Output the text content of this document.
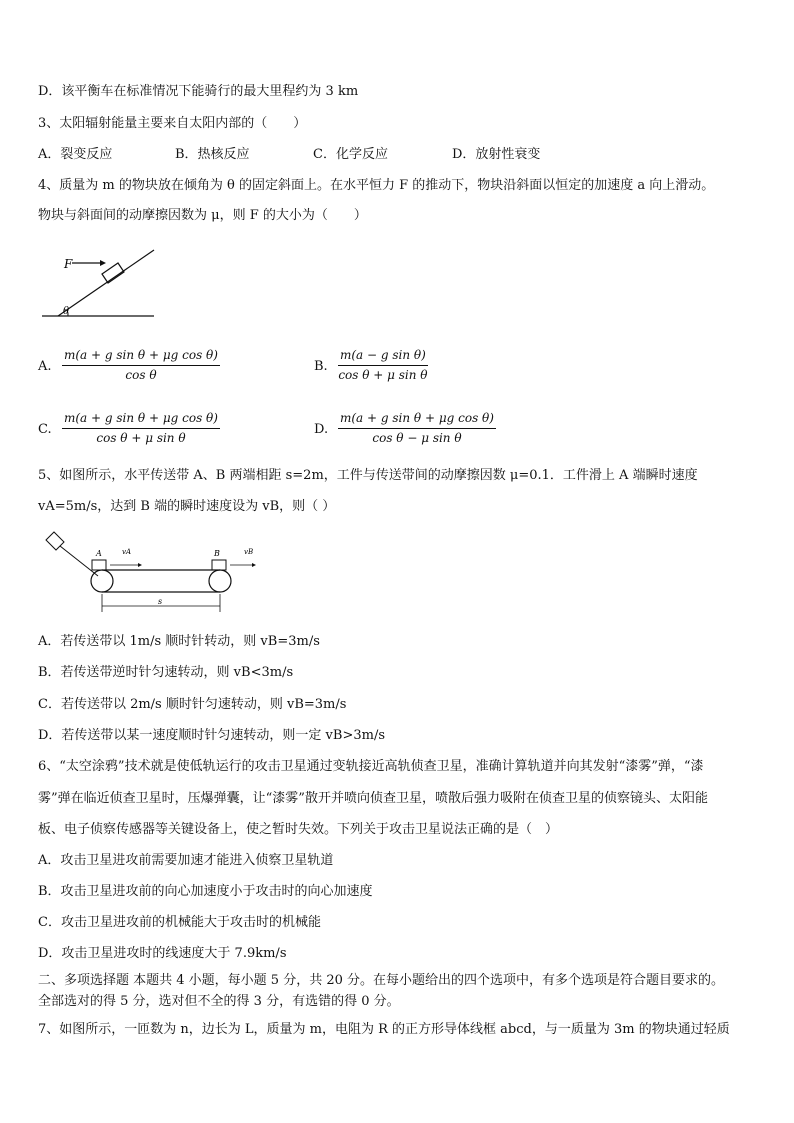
D．该平衡车在标准情况下能骑行的最大里程约为 3 km
3、太阳辐射能量主要来自太阳内部的（　　）
A．裂变反应	B．热核反应	C．化学反应	D．放射性衰变
4、质量为 m 的物块放在倾角为 θ 的固定斜面上。在水平恒力 F 的推动下，物块沿斜面以恒定的加速度 a 向上滑动。
物块与斜面间的动摩擦因数为 μ，则 F 的大小为（　　）
F
θ
A. $\frac{\text{m(a + g sin θ + μg cos θ)}}{\text{cos θ}}$	B. $\frac{\text{m(a − g sin θ)}}{\text{cos θ + μ sin θ}}$
C. $\frac{\text{m(a + g sin θ + μg cos θ)}}{\text{cos θ + μ sin θ}}$	D. $\frac{\text{m(a + g sin θ + μg cos θ)}}{\text{cos θ − μ sin θ}}$
5、如图所示，水平传送带 A、B 两端相距 s=2m，工件与传送带间的动摩擦因数 μ=0.1．工件滑上 A 端瞬时速度
vA=5m/s，达到 B 端的瞬时速度设为 vB，则（ ）
A	B
vA	vB
s
A．若传送带以 1m/s 顺时针转动，则 vB=3m/s
B．若传送带逆时针匀速转动，则 vB<3m/s
C．若传送带以 2m/s 顺时针匀速转动，则 vB=3m/s
D．若传送带以某一速度顺时针匀速转动，则一定 vB>3m/s
6、“太空涂鸦”技术就是使低轨运行的攻击卫星通过变轨接近高轨侦查卫星，准确计算轨道并向其发射“漆雾”弹，“漆
雾”弹在临近侦查卫星时，压爆弹囊，让“漆雾”散开并喷向侦查卫星，喷散后强力吸附在侦查卫星的侦察镜头、太阳能
板、电子侦察传感器等关键设备上，使之暂时失效。下列关于攻击卫星说法正确的是（　）
A．攻击卫星进攻前需要加速才能进入侦察卫星轨道
B．攻击卫星进攻前的向心加速度小于攻击时的向心加速度
C．攻击卫星进攻前的机械能大于攻击时的机械能
D．攻击卫星进攻时的线速度大于 7.9km/s
二、多项选择题 本题共 4 小题，每小题 5 分，共 20 分。在每小题给出的四个选项中，有多个选项是符合题目要求的。
全部选对的得 5 分，选对但不全的得 3 分，有选错的得 0 分。
7、如图所示，一匝数为 n，边长为 L，质量为 m，电阻为 R 的正方形导体线框 abcd，与一质量为 3m 的物块通过轻质
